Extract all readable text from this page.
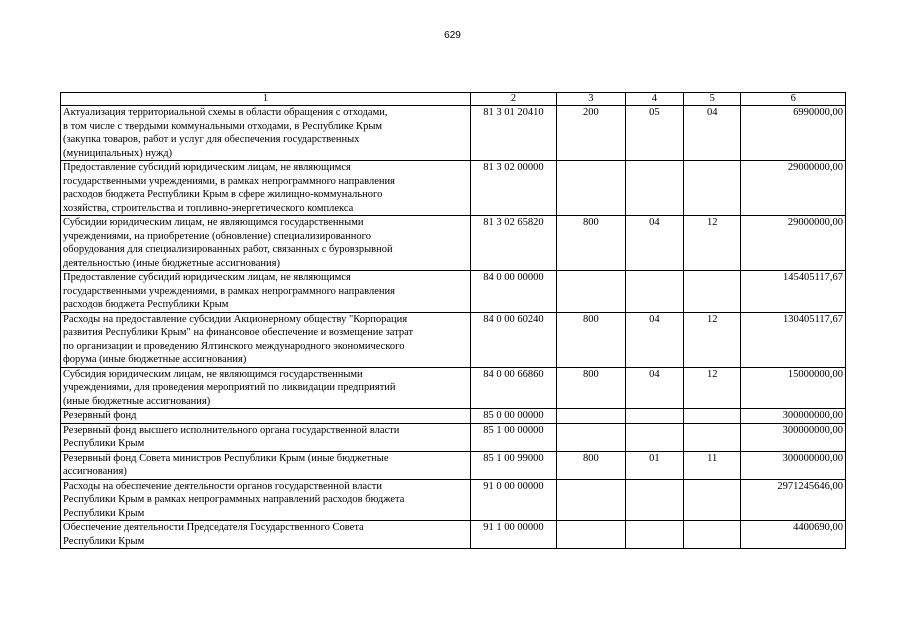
629
1	2	3	4	5	6
Актуализация территориальной схемы в области обращения с отходами,
в том числе с твердыми коммунальными отходами, в Республике Крым
(закупка товаров, работ и услуг для обеспечения государственных
(муниципальных) нужд)	81 3 01 20410	200	05	04	6990000,00
Предоставление субсидий юридическим лицам, не являющимся
государственными учреждениями, в рамках непрограммного направления
расходов бюджета Республики Крым в сфере жилищно-коммунального
хозяйства, строительства и топливно-энергетического комплекса	81 3 02 00000				29000000,00
Субсидии юридическим лицам, не являющимся государственными
учреждениями, на приобретение (обновление) специализированного
оборудования для специализированных работ, связанных с буровзрывной
деятельностью (иные бюджетные ассигнования)	81 3 02 65820	800	04	12	29000000,00
Предоставление субсидий юридическим лицам, не являющимся
государственными учреждениями, в рамках непрограммного направления
расходов бюджета Республики Крым	84 0 00 00000				145405117,67
Расходы на предоставление субсидии Акционерному обществу "Корпорация
развития Республики Крым" на финансовое обеспечение и возмещение затрат
по организации и проведению Ялтинского международного экономического
форума (иные бюджетные ассигнования)	84 0 00 60240	800	04	12	130405117,67
Субсидия юридическим лицам, не являющимся государственными
учреждениями, для проведения мероприятий по ликвидации предприятий
(иные бюджетные ассигнования)	84 0 00 66860	800	04	12	15000000,00
Резервный фонд	85 0 00 00000				300000000,00
Резервный фонд высшего исполнительного органа государственной власти
Республики Крым	85 1 00 00000				300000000,00
Резервный фонд Совета министров Республики Крым (иные бюджетные
ассигнования)	85 1 00 99000	800	01	11	300000000,00
Расходы на обеспечение деятельности органов государственной власти
Республики Крым в рамках непрограммных направлений расходов бюджета
Республики Крым	91 0 00 00000				2971245646,00
Обеспечение деятельности Председателя Государственного Совета
Республики Крым	91 1 00 00000				4400690,00
